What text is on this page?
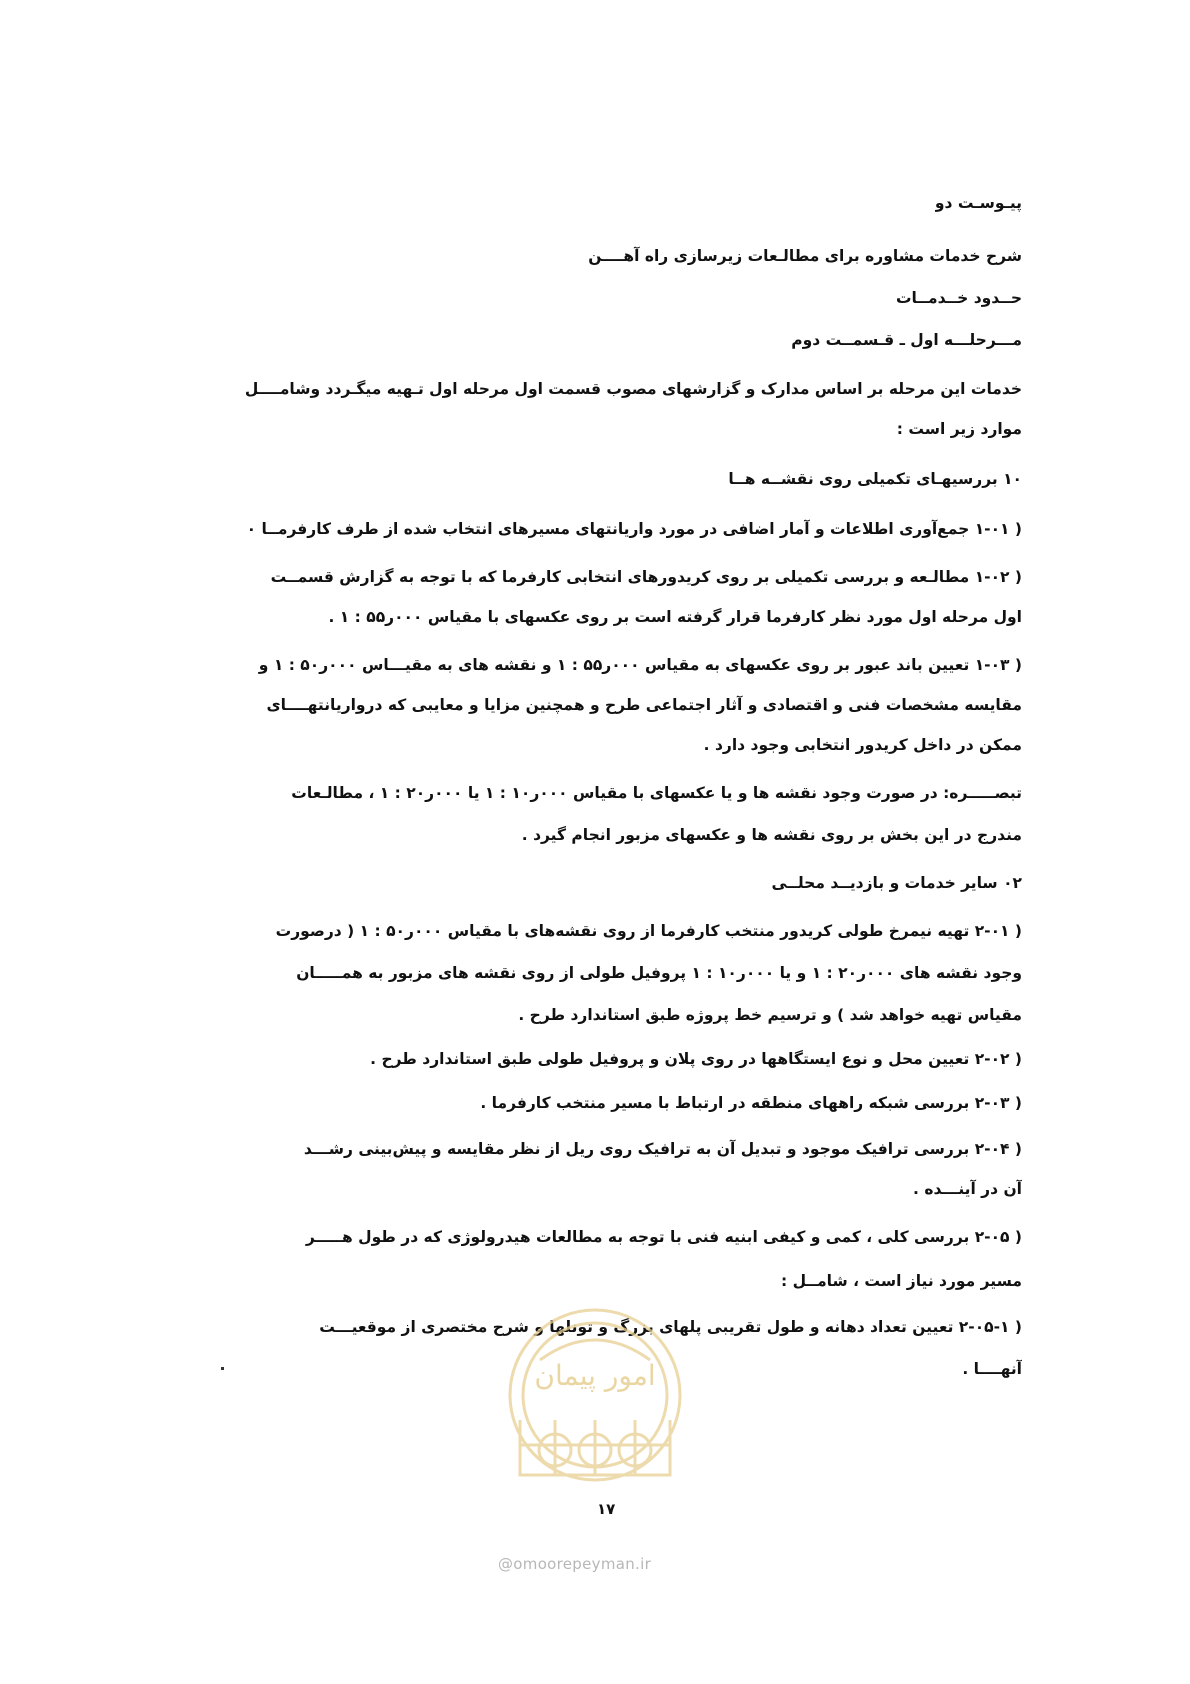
پیـوسـت دو
شرح خدمات مشاوره برای مطالـعات زیرسازی راه آهــــن
حــدود خــدمــات
مـــرحلـــه اول ـ قـسمــت دوم
خدمات این مرحله بر اساس مدارک و گزارشهای مصوب قسمت اول مرحله اول تـهیه میگـردد وشامــــل
موارد زیر است :
۱۰ بررسیهـای تکمیلی روی نقشــه هــا
( ۱-۰۱ جمع‌آوری اطلاعات و آمار اضافی در مورد واریانتهای مسیرهای انتخاب شده از طرف کارفرمــا ۰
( ۱-۰۲ مطالـعه و بررسی تکمیلی بر روی کریدورهای انتخابی کارفرما که با توجه به گزارش قسمــت
اول مرحله اول مورد نظر کارفرما قرار گرفته است بر روی عکسهای با مقیاس ۰۰۰ر۵۵ : ۱ .
( ۱-۰۳ تعیین باند عبور بر روی عکسهای به مقیاس ۰۰۰ر۵۵ : ۱ و نقشه های به مقیـــاس ۰۰۰ر۵۰ : ۱ و
مقایسه مشخصات فنی و اقتصادی و آثار اجتماعی طرح و همچنین مزایا و معایبی که درواریانتهــــای
ممکن در داخل کریدور انتخابی وجود دارد .
تبصـــــره: در صورت وجود نقشه ها و یا عکسهای با مقیاس ۰۰۰ر۱۰ : ۱ یا ۰۰۰ر۲۰ : ۱ ، مطالـعات
مندرج در این بخش بر روی نقشه ها و عکسهای مزبور انجام گیرد .
۰۲ سایر خدمات و بازدیــد محلــی
( ۲-۰۱ تهیه نیمرخ طولی کریدور منتخب کارفرما از روی نقشه‌های با مقیاس ۰۰۰ر۵۰ : ۱ ( درصورت
وجود نقشه های ۰۰۰ر۲۰ : ۱ و یا ۰۰۰ر۱۰ : ۱ پروفیل طولی از روی نقشه های مزبور به همـــــان
مقیاس تهیه خواهد شد ) و ترسیم خط پروژه طبق استاندارد طرح .
( ۲-۰۲ تعیین محل و نوع ایستگاهها در روی پلان و پروفیل طولی طبق استاندارد طرح .
( ۲-۰۳ بررسی شبکه راههای منطقه در ارتباط با مسیر منتخب کارفرما .
( ۲-۰۴ بررسی ترافیک موجود و تبدیل آن به ترافیک روی ریل از نظر مقایسه و پیش‌بینی رشـــد
آن در آینـــده .
( ۲-۰۵ بررسی کلی ، کمی و کیفی ابنیه فنی با توجه به مطالعات هیدرولوژی که در طول هـــــر
مسیر مورد نیاز است ، شامــل :
( ۲-۰۵-۱ تعیین تعداد دهانه و طول تقریبی پلهای بزرگ و تونلها و شرح مختصری از موقعیـــت
آنهــــا .
امور پیمان
۱۷
@omoorepeyman.ir
